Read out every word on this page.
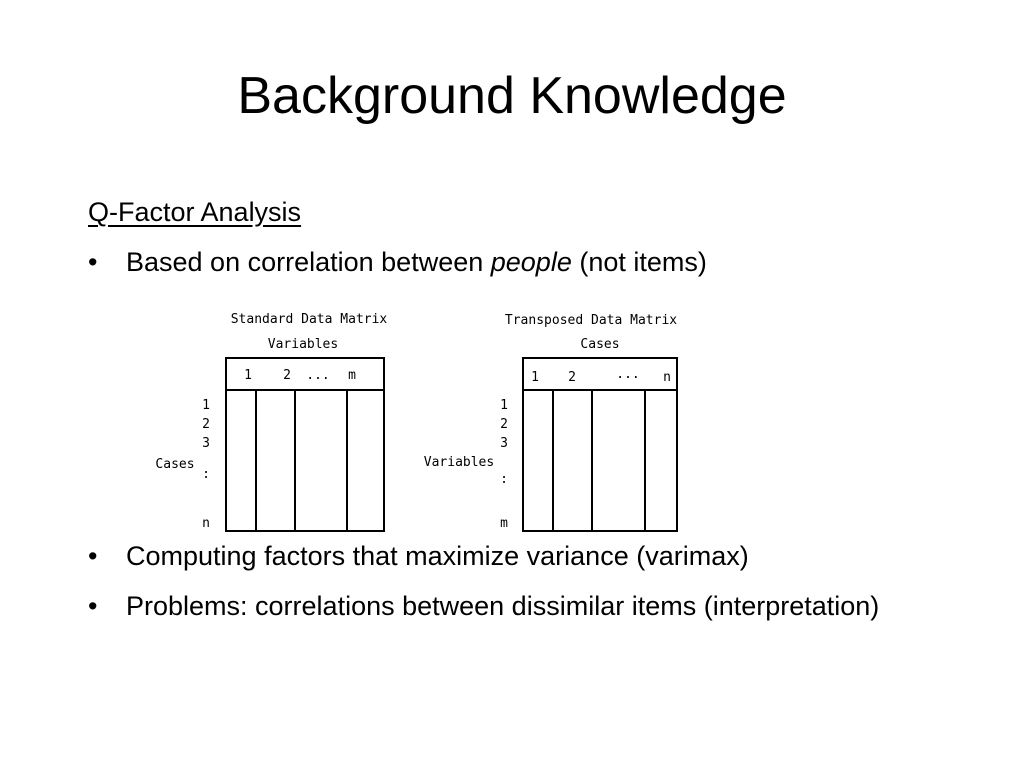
Background Knowledge
Q-Factor Analysis
•	Based on correlation between people (not items)
•	Computing factors that maximize variance (varimax)
•	Problems: correlations between dissimilar items (interpretation)
Standard Data Matrix
Variables
1 2 ... m
1
2
3
:
n
Cases
Transposed Data Matrix
Cases
1 2	... n
1
2
3
:
m
Variables
